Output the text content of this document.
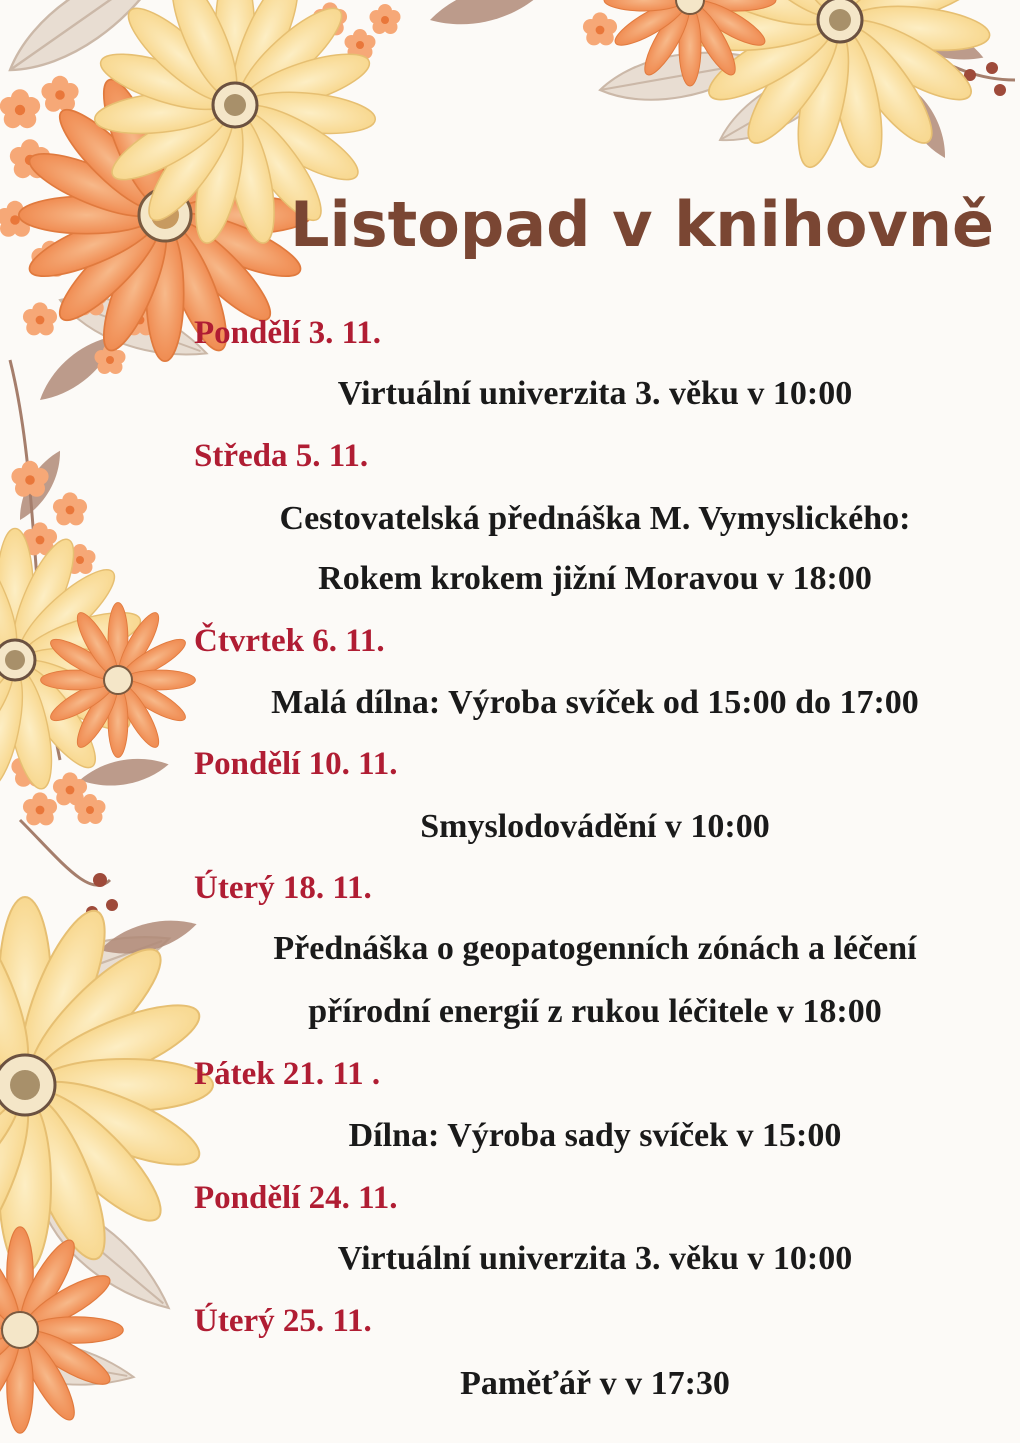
Listopad v knihovně
Pondělí 3. 11.
Virtuální univerzita 3. věku v 10:00
Středa 5. 11.
Cestovatelská přednáška M. Vymyslického:
Rokem krokem jižní Moravou v 18:00
Čtvrtek 6. 11.
Malá dílna: Výroba svíček od 15:00 do 17:00
Pondělí 10. 11.
Smyslodovádění v 10:00
Úterý 18. 11.
Přednáška o geopatogenních zónách a léčení
přírodní energií z rukou léčitele v 18:00
Pátek 21. 11 .
Dílna: Výroba sady svíček v 15:00
Pondělí 24. 11.
Virtuální univerzita 3. věku v 10:00
Úterý 25. 11.
Paměťář v v 17:30
